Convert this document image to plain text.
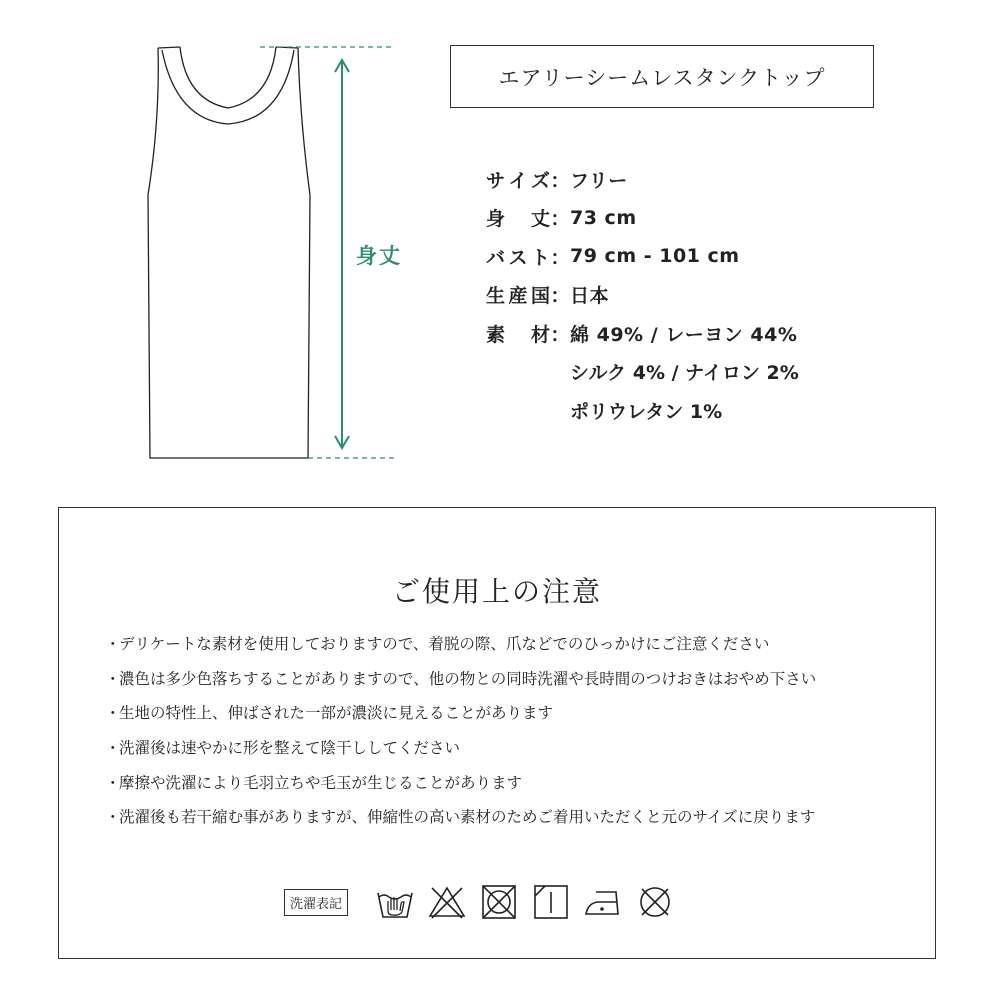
身丈
エアリーシームレスタンクトップ
サ イ ズ ： フリー
身 丈 ： 73 cm
バ ス ト ： 79 cm - 101 cm
生 産 国 ： 日本
素 材 ： 綿 49% / レーヨン 44%
シルク 4% / ナイロン 2%
ポリウレタン 1%
ご使用上の注意
・
デリケートな素材を使用しておりますので、着脱の際、爪などでのひっかけにご注意ください
・
濃色は多少色落ちすることがありますので、他の物との同時洗濯や長時間のつけおきはおやめ下さい
・
生地の特性上、伸ばされた一部が濃淡に見えることがあります
・
洗濯後は速やかに形を整えて陰干ししてください
・
摩擦や洗濯により毛羽立ちや毛玉が生じることがあります
・
洗濯後も若干縮む事がありますが、伸縮性の高い素材のためご着用いただくと元のサイズに戻ります
洗濯表記
